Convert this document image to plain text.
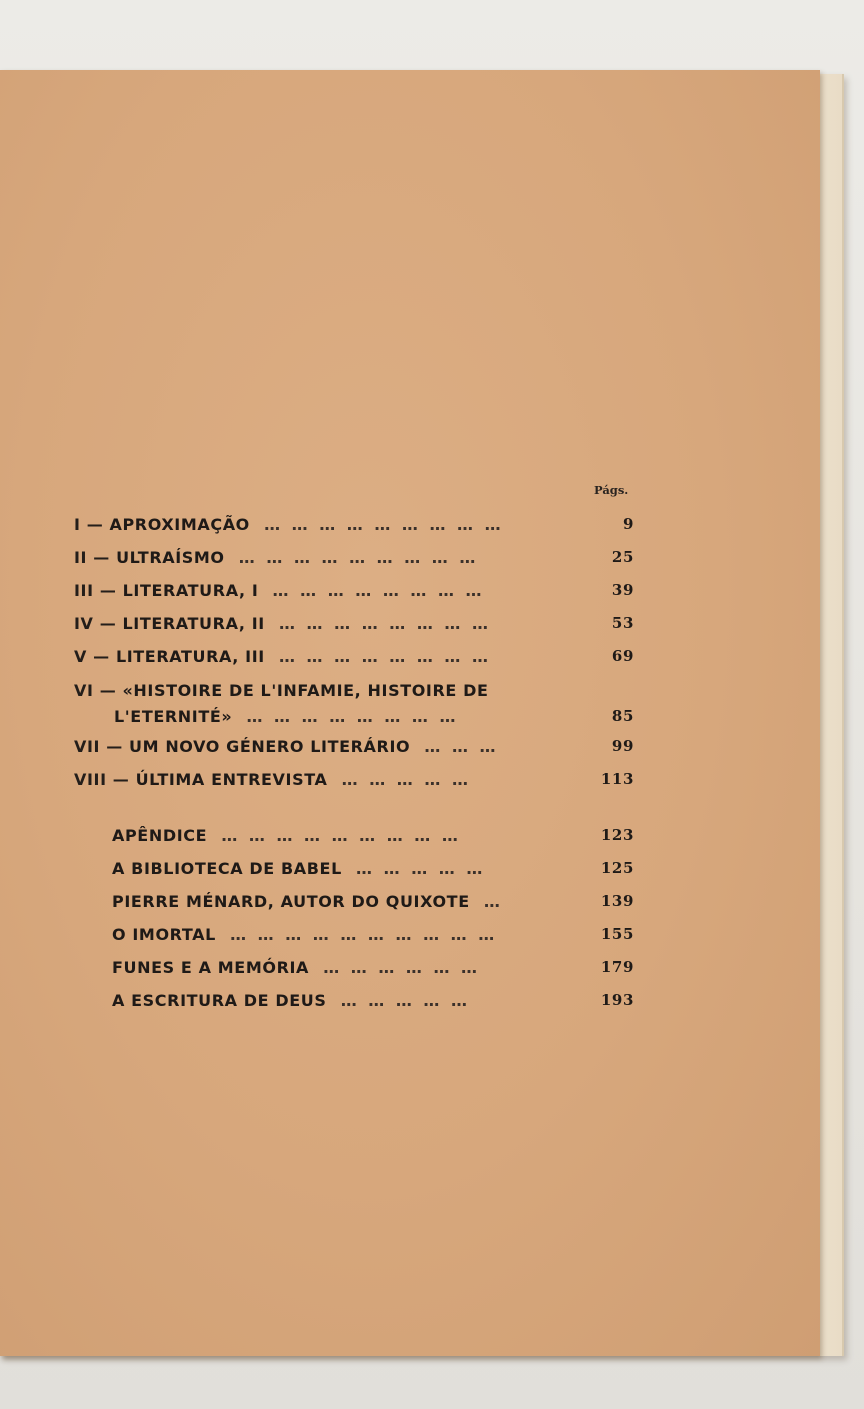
Págs.
I — APROXIMAÇÃO … … … … … … … … …	9
II — ULTRAÍSMO … … … … … … … … …	25
III — LITERATURA, I … … … … … … … …	39
IV — LITERATURA, II … … … … … … … …	53
V — LITERATURA, III … … … … … … … …	69
VI — «HISTOIRE DE L'INFAMIE, HISTOIRE DE
L'ETERNITÉ» … … … … … … … …	85
VII — UM NOVO GÉNERO LITERÁRIO … … …	99
VIII — ÚLTIMA ENTREVISTA … … … … …	113
APÊNDICE … … … … … … … … …	123
A BIBLIOTECA DE BABEL … … … … …	125
PIERRE MÉNARD, AUTOR DO QUIXOTE …	139
O IMORTAL … … … … … … … … … …	155
FUNES E A MEMÓRIA … … … … … …	179
A ESCRITURA DE DEUS … … … … …	193
